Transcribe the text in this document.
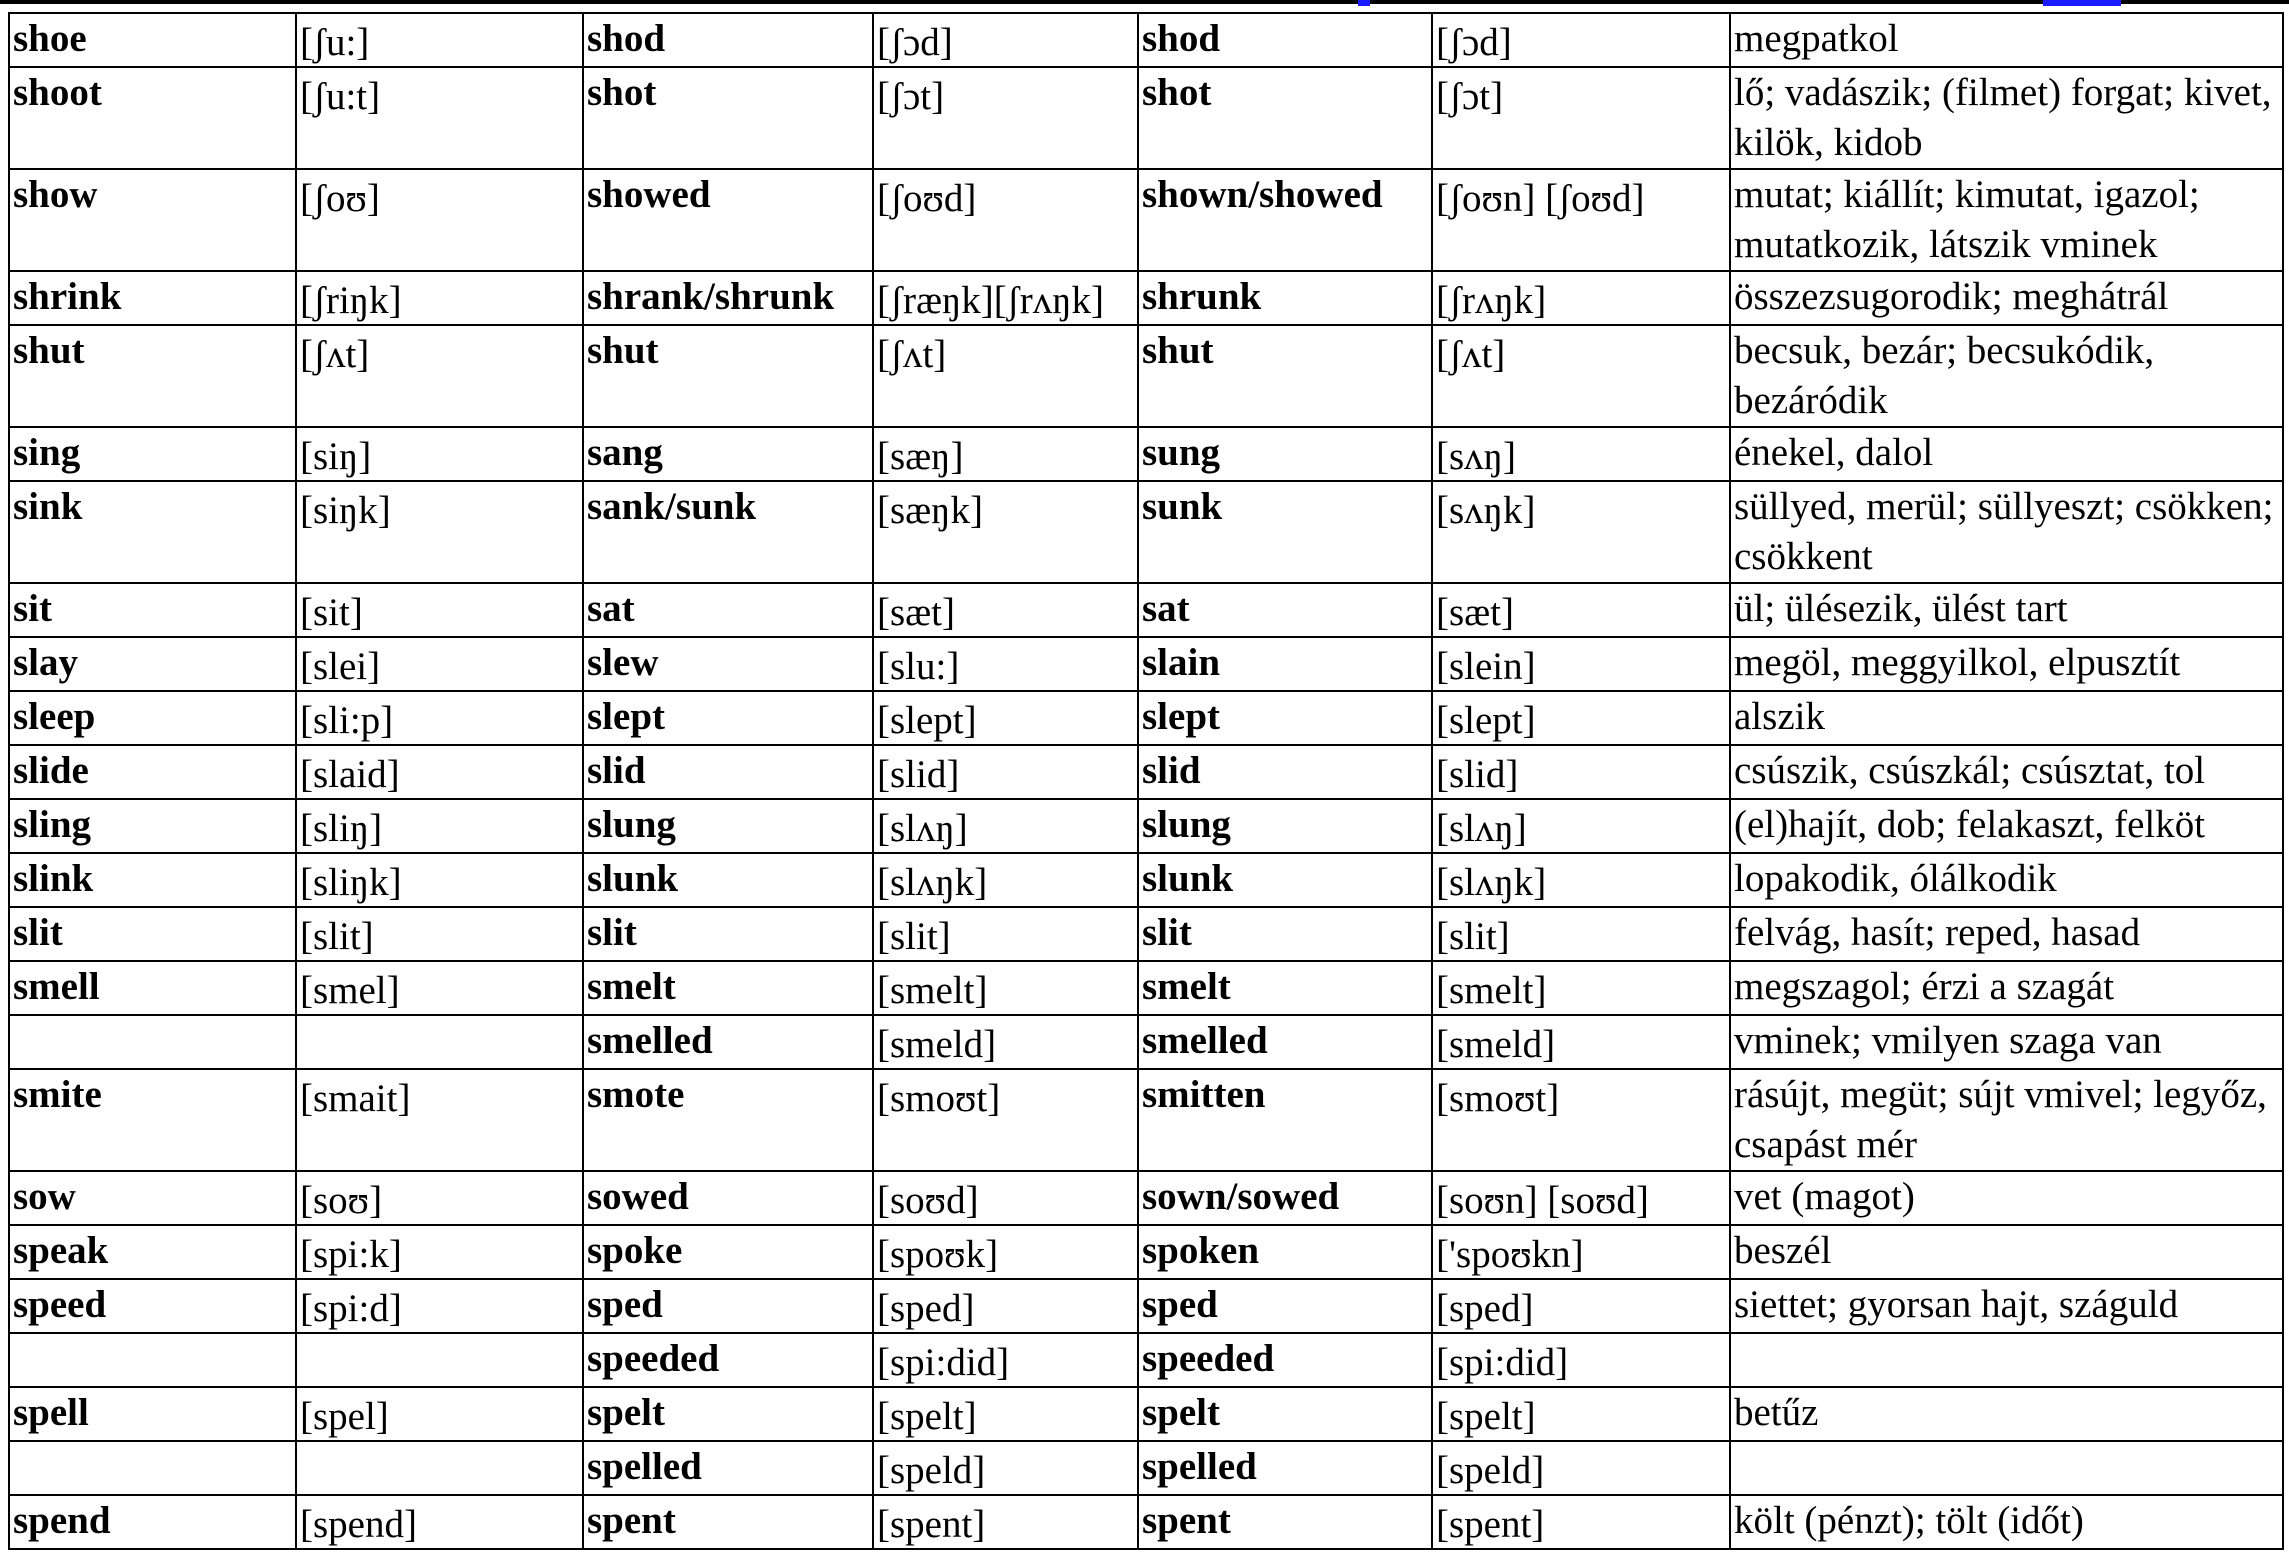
shoe	[ʃu:]	shod	[ʃɔd]	shod	[ʃɔd]	megpatkol
shoot	[ʃu:t]	shot	[ʃɔt]	shot	[ʃɔt]	lő; vadászik; (filmet) forgat; kivet, kilök, kidob
show	[ʃoʊ]	showed	[ʃoʊd]	shown/showed	[ʃoʊn] [ʃoʊd]	mutat; kiállít; kimutat, igazol; mutatkozik, látszik vminek
shrink	[ʃriŋk]	shrank/shrunk	[ʃræŋk][ʃrʌŋk]	shrunk	[ʃrʌŋk]	összezsugorodik; meghátrál
shut	[ʃʌt]	shut	[ʃʌt]	shut	[ʃʌt]	becsuk, bezár; becsukódik, bezáródik
sing	[siŋ]	sang	[sæŋ]	sung	[sʌŋ]	énekel, dalol
sink	[siŋk]	sank/sunk	[sæŋk]	sunk	[sʌŋk]	süllyed, merül; süllyeszt; csökken; csökkent
sit	[sit]	sat	[sæt]	sat	[sæt]	ül; ülésezik, ülést tart
slay	[slei]	slew	[slu:]	slain	[slein]	megöl, meggyilkol, elpusztít
sleep	[sli:p]	slept	[slept]	slept	[slept]	alszik
slide	[slaid]	slid	[slid]	slid	[slid]	csúszik, csúszkál; csúsztat, tol
sling	[sliŋ]	slung	[slʌŋ]	slung	[slʌŋ]	(el)hajít, dob; felakaszt, felköt
slink	[sliŋk]	slunk	[slʌŋk]	slunk	[slʌŋk]	lopakodik, ólálkodik
slit	[slit]	slit	[slit]	slit	[slit]	felvág, hasít; reped, hasad
smell	[smel]	smelt	[smelt]	smelt	[smelt]	megszagol; érzi a szagát
		smelled	[smeld]	smelled	[smeld]	vminek; vmilyen szaga van
smite	[smait]	smote	[smoʊt]	smitten	[smoʊt]	rásújt, megüt; sújt vmivel; legyőz, csapást mér
sow	[soʊ]	sowed	[soʊd]	sown/sowed	[soʊn] [soʊd]	vet (magot)
speak	[spi:k]	spoke	[spoʊk]	spoken	['spoʊkn]	beszél
speed	[spi:d]	sped	[sped]	sped	[sped]	siettet; gyorsan hajt, száguld
		speeded	[spi:did]	speeded	[spi:did]	
spell	[spel]	spelt	[spelt]	spelt	[spelt]	betűz
		spelled	[speld]	spelled	[speld]	
spend	[spend]	spent	[spent]	spent	[spent]	költ (pénzt); tölt (időt)
